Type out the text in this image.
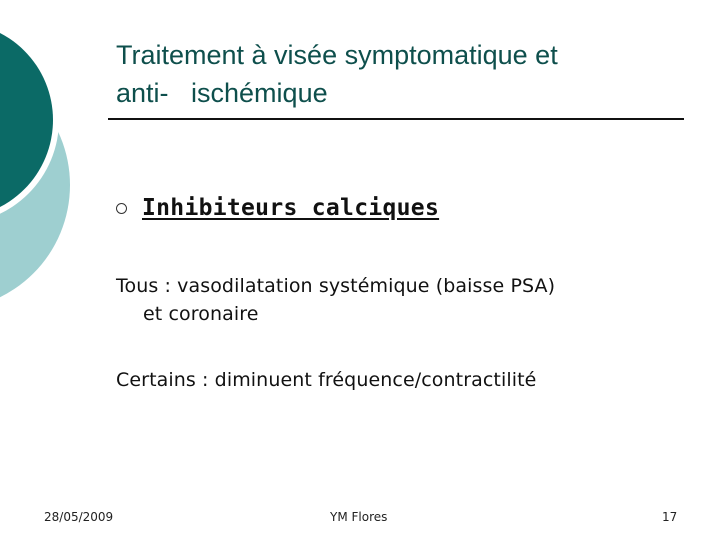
Traitement à visée symptomatique et
anti-   ischémique
Inhibiteurs calciques
Tous : vasodilatation systémique (baisse PSA)
et coronaire
Certains : diminuent fréquence/contractilité
28/05/2009	YM Flores	17
